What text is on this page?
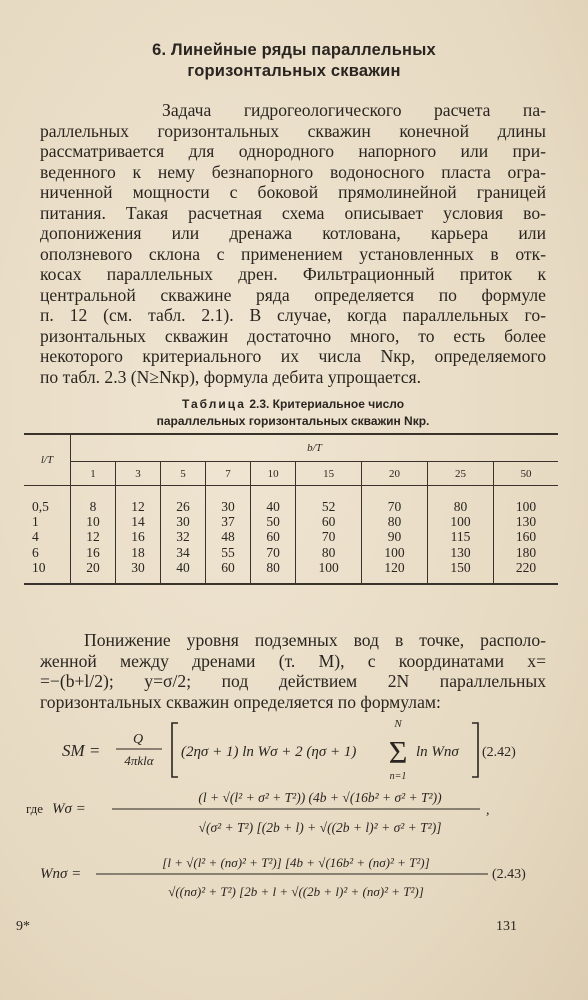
6. Линейные ряды параллельных
горизонтальных скважин
Задача гидрогеологического расчета па-
раллельных горизонтальных скважин конечной длины
рассматривается для однородного напорного или при-
веденного к нему безнапорного водоносного пласта огра-
ниченной мощности с боковой прямолинейной границей
питания. Такая расчетная схема описывает условия во-
допонижения или дренажа котлована, карьера или
оползневого склона с применением установленных в отк-
косах параллельных дрен. Фильтрационный приток к
центральной скважине ряда определяется по формуле
п. 12 (см. табл. 2.1). В случае, когда параллельных го-
ризонтальных скважин достаточно много, то есть более
некоторого критериального их числа Nкр, определяемого
по табл. 2.3 (N≥Nкр), формула дебита упрощается.
Таблица 2.3. Критериальное число
параллельных горизонтальных скважин Nкр.
l/T	b/T								
	1	3	5	7	10	15	20	25	50
0,5	8	12	26	30	40	52	70	80	100
1	10	14	30	37	50	60	80	100	130
4	12	16	32	48	60	70	90	115	160
6	16	18	34	55	70	80	100	130	180
10	20	30	40	60	80	100	120	150	220
Понижение уровня подземных вод в точке, располо-
женной между дренами (т. М), с координатами x=
=−(b+l/2); y=σ/2; под действием 2N параллельных
горизонтальных скважин определяется по формулам:
SM =
Q
4πklα
(2ησ + 1) ln Wσ + 2 (ησ + 1)
N
Σ
n=1
ln Wnσ (2.42)
где Wσ =
(l + √(l² + σ² + T²)) (4b + √(16b² + σ² + T²))
√(σ² + T²) [(2b + l) + √((2b + l)² + σ² + T²)]
,
Wnσ =
[l + √(l² + (nσ)² + T²)] [4b + √(16b² + (nσ)² + T²)]
√((nσ)² + T²) [2b + l + √((2b + l)² + (nσ)² + T²)]
(2.43)
9*	131
